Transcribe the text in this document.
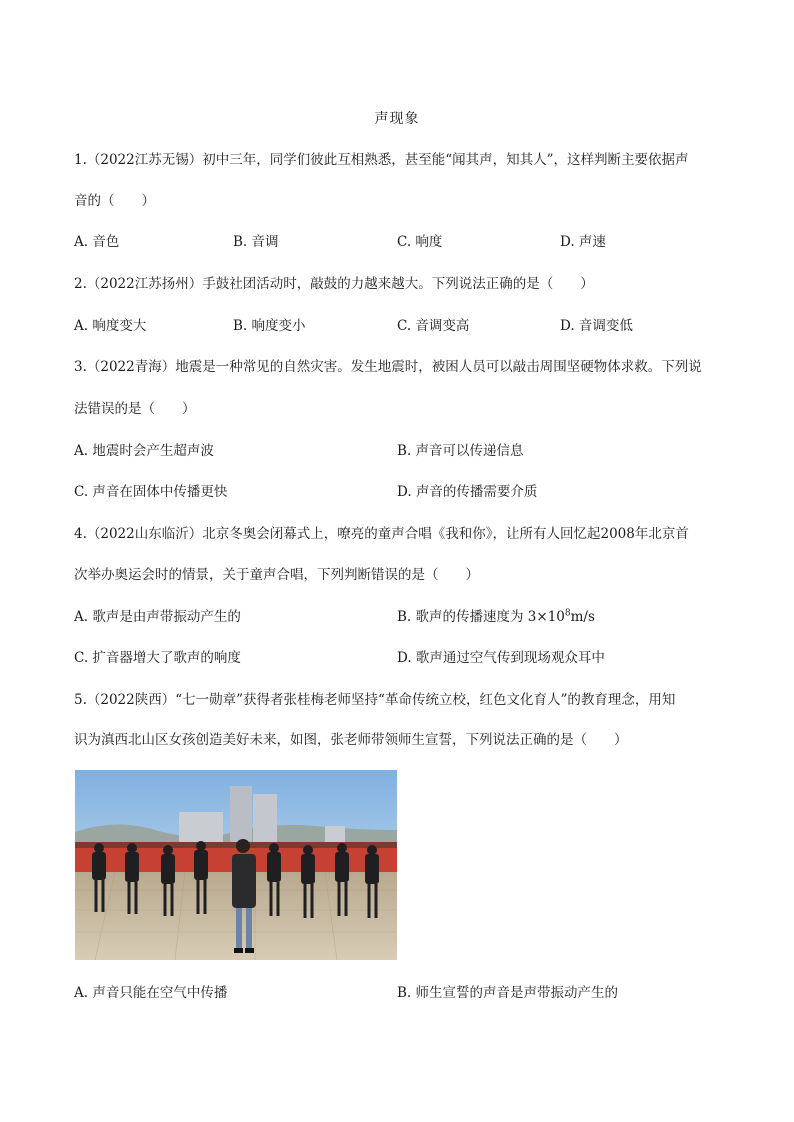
声现象
1.（2022江苏无锡）初中三年，同学们彼此互相熟悉，甚至能“闻其声，知其人”，这样判断主要依据声
音的（　　）
A. 音色	B. 音调	C. 响度	D. 声速
2.（2022江苏扬州）手鼓社团活动时，敲鼓的力越来越大。下列说法正确的是（　　）
A. 响度变大	B. 响度变小	C. 音调变高	D. 音调变低
3.（2022青海）地震是一种常见的自然灾害。发生地震时，被困人员可以敲击周围坚硬物体求救。下列说
法错误的是（　　）
A. 地震时会产生超声波	B. 声音可以传递信息
C. 声音在固体中传播更快	D. 声音的传播需要介质
4.（2022山东临沂）北京冬奥会闭幕式上，嘹亮的童声合唱《我和你》，让所有人回忆起2008年北京首
次举办奥运会时的情景，关于童声合唱，下列判断错误的是（　　）
A. 歌声是由声带振动产生的	B. 歌声的传播速度为 $3\times 10^8m/s$
C. 扩音器增大了歌声的响度	D. 歌声通过空气传到现场观众耳中
5.（2022陕西）“七一勋章”获得者张桂梅老师坚持“革命传统立校，红色文化育人”的教育理念，用知
识为滇西北山区女孩创造美好未来，如图，张老师带领师生宣誓，下列说法正确的是（　　）
A. 声音只能在空气中传播	B. 师生宣誓的声音是声带振动产生的
